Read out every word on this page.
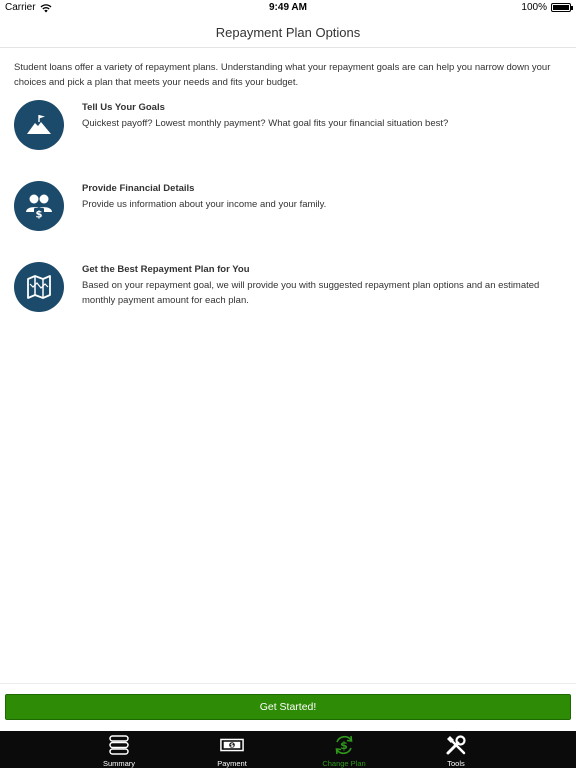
Carrier	9:49 AM	100%
Repayment Plan Options

Student loans offer a variety of repayment plans. Understanding what your repayment goals are can help you narrow down your choices and pick a plan that meets your needs and fits your budget.

Tell Us Your Goals
Quickest payoff? Lowest monthly payment? What goal fits your financial situation best?
$
Provide Financial Details
Provide us information about your income and your family.
Get the Best Repayment Plan for You
Based on your repayment goal, we will provide you with suggested repayment plan options and an estimated monthly payment amount for each plan.
Get Started!
Summary
$
Payment
$
Change Plan	Tools
